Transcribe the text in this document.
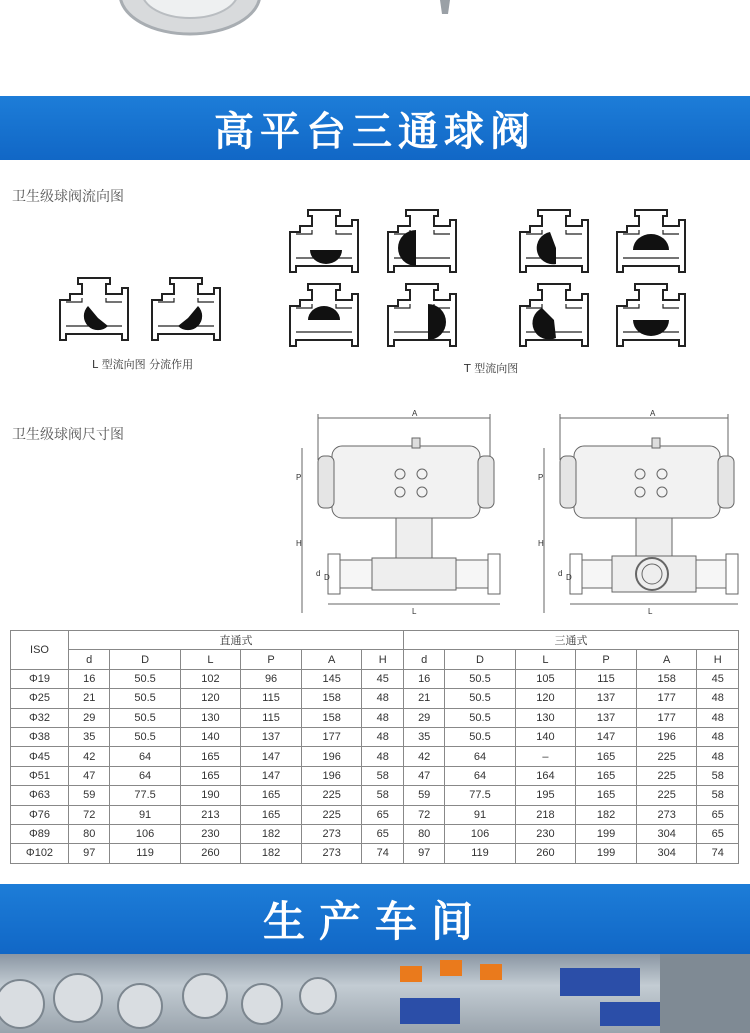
高平台三通球阀
卫生级球阀流向图
L 型流向图 分流作用	T 型流向图
卫生级球阀尺寸图
A
P
H
d D
L
A
P
H
d D
L
ISO	直通式						三通式					
	d	D	L	P	A	H	d	D	L	P	A	H
Φ19	16	50.5	102	96	145	45	16	50.5	105	115	158	45
Φ25	21	50.5	120	115	158	48	21	50.5	120	137	177	48
Φ32	29	50.5	130	115	158	48	29	50.5	130	137	177	48
Φ38	35	50.5	140	137	177	48	35	50.5	140	147	196	48
Φ45	42	64	165	147	196	48	42	64	–	165	225	48
Φ51	47	64	165	147	196	58	47	64	164	165	225	58
Φ63	59	77.5	190	165	225	58	59	77.5	195	165	225	58
Φ76	72	91	213	165	225	65	72	91	218	182	273	65
Φ89	80	106	230	182	273	65	80	106	230	199	304	65
Φ102	97	119	260	182	273	74	97	119	260	199	304	74
生产车间
